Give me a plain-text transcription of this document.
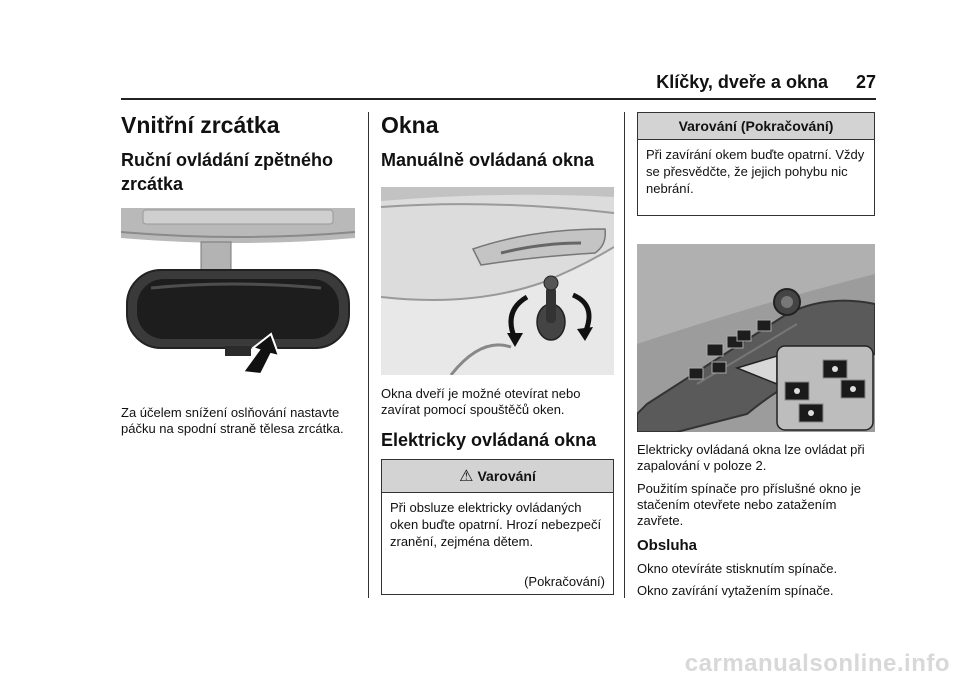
Klíčky, dveře a okna 27
Vnitřní zrcátka
Ruční ovládání zpětného zrcátka

Za účelem snížení oslňování nastavte páčku na spodní straně tělesa zrcátka.

Okna
Manuálně ovládaná okna

Okna dveří je možné otevírat nebo zavírat pomocí spouštěčů oken.

Elektricky ovládaná okna
⚠ Varování
Při obsluze elektricky ovládaných oken buďte opatrní. Hrozí nebezpečí zranění, zejména dětem.
(Pokračování)
Varování (Pokračování)
Při zavírání okem buďte opatrní. Vždy se přesvědčte, že jejich pohybu nic nebrání.

Elektricky ovládaná okna lze ovládat při zapalování v poloze 2.

Použitím spínače pro příslušné okno je stačením otevřete nebo zatažením zavřete.

Obsluha

Okno otevíráte stisknutím spínače.

Okno zavírání vytažením spínače.

carmanualsonline.info
